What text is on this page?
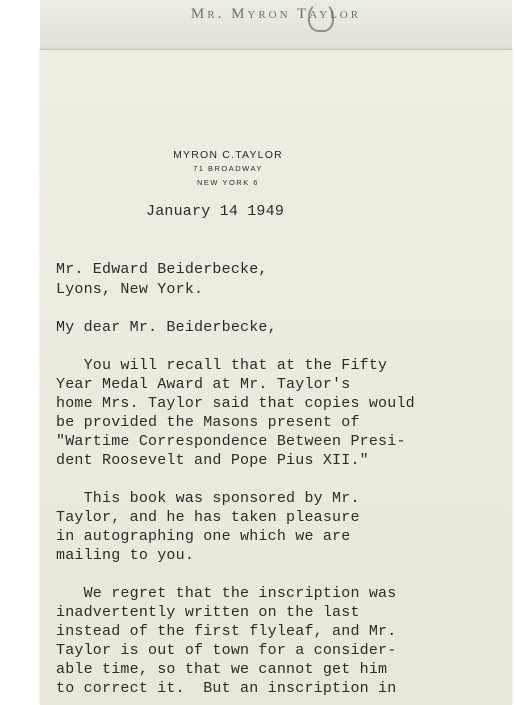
Mr. Myron Taylor
MYRON C.TAYLOR
71 BROADWAY
NEW YORK 6
January 14 1949
Mr. Edward Beiderbecke,
Lyons, New York.
My dear Mr. Beiderbecke,
You will recall that at the Fifty
Year Medal Award at Mr. Taylor's
home Mrs. Taylor said that copies would
be provided the Masons present of
"Wartime Correspondence Between Presi-
dent Roosevelt and Pope Pius XII."
This book was sponsored by Mr.
Taylor, and he has taken pleasure
in autographing one which we are
mailing to you.
We regret that the inscription was
inadvertently written on the last
instead of the first flyleaf, and Mr.
Taylor is out of town for a consider-
able time, so that we cannot get him
to correct it.  But an inscription in
